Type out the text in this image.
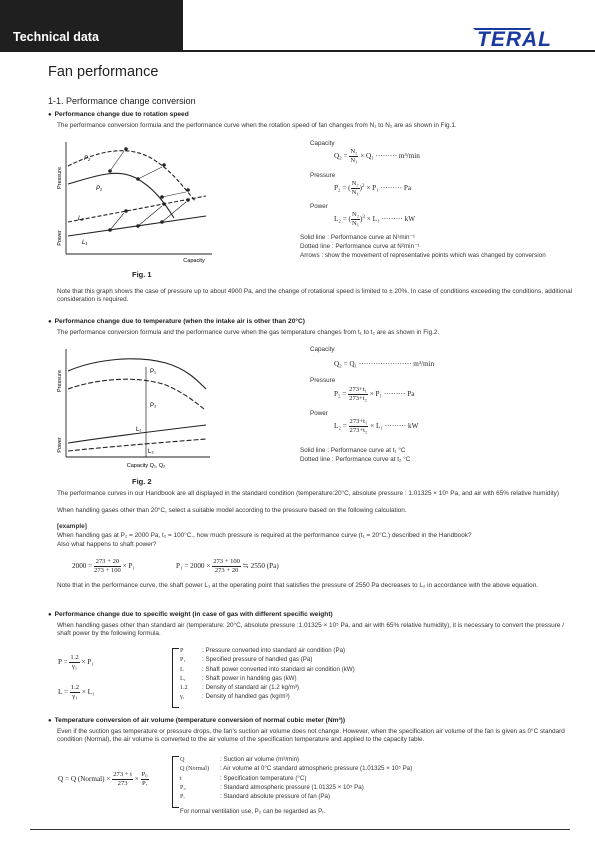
Technical data	TERAL
Fan performance
1-1. Performance change conversion
● Performance change due to rotation speed
The performance conversion formula and the performance curve when the rotation speed of fan changes from N₁ to N₂ are as shown in Fig.1.
Pressure
Power
Capacity
P₂
P₁
L₂
L₁
Fig. 1
Capacity
$Q_2 = \frac{\text{N₂}}{\text{N₁}} \times Q_1$ ········· m³/min
Pressure
P₂ = ( $\frac{\text{N₂}}{\text{N₁}} )^2 \times P_1$ ········· Pa
Power
L₂ = ( $\frac{\text{N₂}}{\text{N₁}} )^3 \times L_1$ ········· kW
Solid line : Performance curve at N¹min⁻¹
Dotted line : Performance curve at N²min⁻¹
Arrows : show the movement of representative points which was changed by conversion
Note that this graph shows the case of pressure up to about 4900 Pa, and the change of rotational speed is limited to ± 20%. In case of conditions exceeding the conditions, additional consideration is required.
● Performance change due to temperature (when the intake air is other than 20°C)
The performance conversion formula and the performance curve when the gas temperature changes from t₁ to t₂ are as shown in Fig.2.
Pressure
Power
Capacity Q₁, Q₂
P₁
P₂
L₁
L₂
Fig. 2
Capacity
Q₂ = Q₁ ······················ m³/min
Pressure
$P_2 = \frac{\text{273+t₁}}{\text{273+t₂}} \times P_1$ ········· Pa
Power
$L_2 = \frac{\text{273+t₁}}{\text{273+t₂}} \times L_1$ ········· kW
Solid line : Performance curve at t₁ °C
Dotted line : Performance curve at t₂ °C
The performance curves in our Handbook are all displayed in the standard condition (temperature:20°C, absolute pressure : 1.01325 × 10⁵ Pa, and air with 65% relative humidity)
When handling gases other than 20°C, select a suitable model according to the pressure based on the following calculation.
[example]
When handling gas at P₂ = 2000 Pa, t₂ = 100°C., how much pressure is required at the performance curve (t₁ = 20°C.) described in the Handbook?
Also what happens to shaft power?
$2000 = \frac{273 + 20}{273 + 100} \times P_1$	$P_1 = 2000 \times \frac{273 + 100}{273 + 20}$ ≒ 2550 (Pa)
Note that in the performance curve, the shaft power L₁ at the operating point that satisfies the pressure of 2550 Pa decreases to L₂ in accordance with the above equation.
● Performance change due to specific weight (in case of gas with different specific weight)
When handling gases other than standard air (temperature: 20°C, absolute pressure :1.01325 × 10⁵ Pa, and air with 65% relative humidity), it is necessary to convert the pressure / shaft power by the following formula.
$P = \frac{1.2}{\text{γ₁}} \times P_1$
$L = \frac{1.2}{\text{γ₁}} \times L_1$
P	: Pressure converted into standard air condition (Pa)
P₁	: Specified pressure of handled gas (Pa)
L	: Shaft power converted into standard air condition (kW)
L₁	: Shaft power in handling gas (kW)
1.2 : Density of standard air (1.2 kg/m³)
γ₁	: Density of handled gas (kg/m³)
● Temperature conversion of air volume (temperature conversion of normal cubic meter (Nm³))
Even if the suction gas temperature or pressure drops, the fan's suction air volume does not change. However, when the specification air volume of the fan is given as 0°C standard condition (Normal), the air volume is converted to the air volume of the specification temperature and applied to the capacity table.
Q = Q (Normal) × $\frac{273 + t}{273} \times \frac{\text{P₀}}{\text{Pᵣ}}$
Q	: Suction air volume (m³/min)
Q (Normal) : Air volume at 0°C standard atmospheric pressure (1.01325 × 10⁵ Pa)
t	: Specification temperature (°C)
P₀	: Standard atmospheric pressure (1.01325 × 10⁵ Pa)
Pᵣ	: Standard absolute pressure of fan (Pa)
For normal ventilation use, P₀ can be regarded as Pᵣ.
